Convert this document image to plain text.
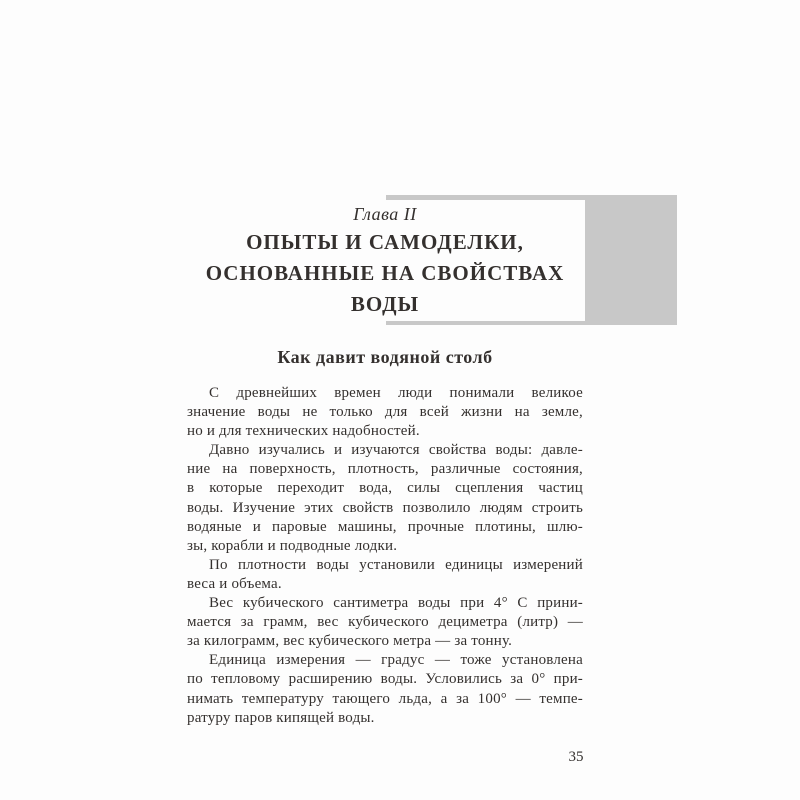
Глава II
ОПЫТЫ И САМОДЕЛКИ,
ОСНОВАННЫЕ НА СВОЙСТВАХ
ВОДЫ
Как давит водяной столб
С древнейших времен люди понимали великое
значение воды не только для всей жизни на земле,
но и для технических надобностей.
Давно изучались и изучаются свойства воды: давле-
ние на поверхность, плотность, различные состояния,
в которые переходит вода, силы сцепления частиц
воды. Изучение этих свойств позволило людям строить
водяные и паровые машины, прочные плотины, шлю-
зы, корабли и подводные лодки.
По плотности воды установили единицы измерений
веса и объема.
Вес кубического сантиметра воды при 4° С прини-
мается за грамм, вес кубического дециметра (литр) —
за килограмм, вес кубического метра — за тонну.
Единица измерения — градус — тоже установлена
по тепловому расширению воды. Условились за 0° при-
нимать температуру тающего льда, а за 100° — темпе-
ратуру паров кипящей воды.
35
